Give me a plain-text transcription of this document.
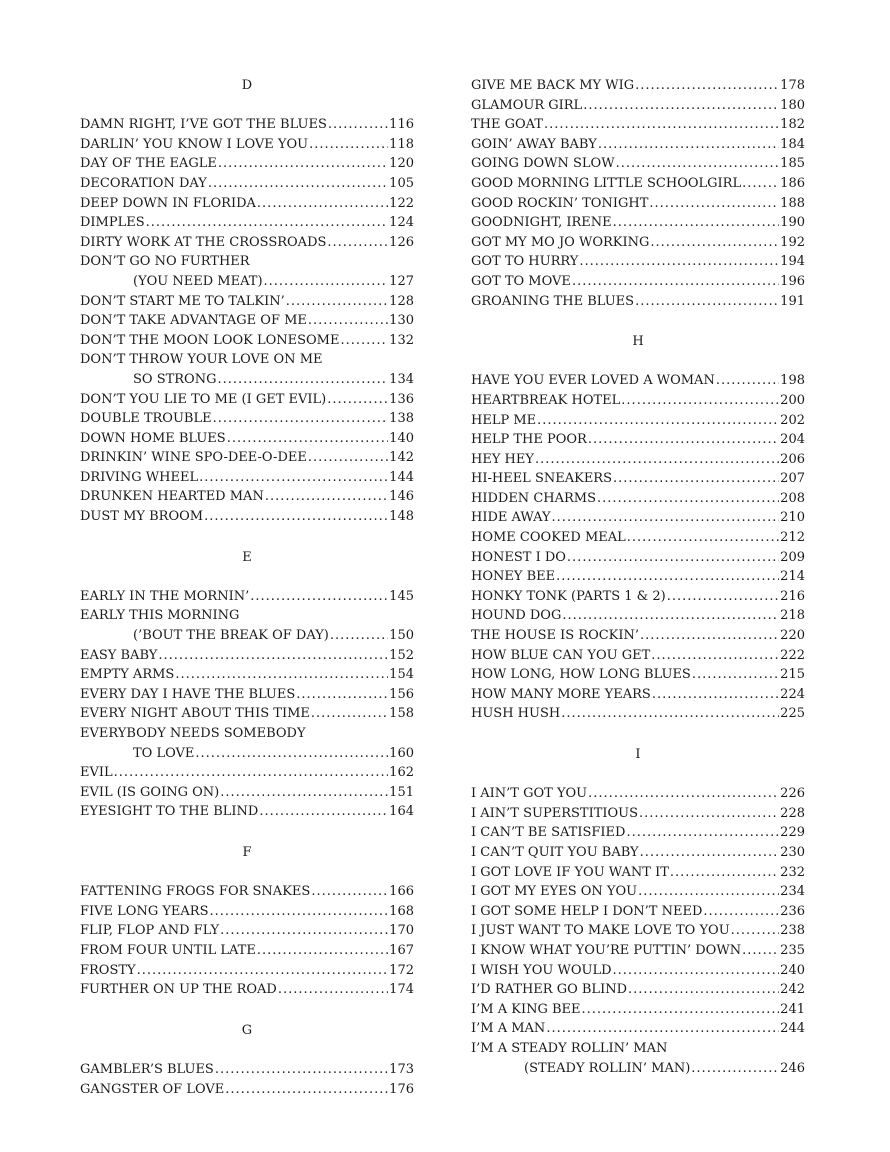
D
DAMN RIGHT, I’VE GOT THE BLUES .....	116
DARLIN’ YOU KNOW I LOVE YOU .....	118
DAY OF THE EAGLE .....	120
DECORATION DAY .....	105
DEEP DOWN IN FLORIDA .....	122
DIMPLES .....	124
DIRTY WORK AT THE CROSSROADS .....	126
DON’T GO NO FURTHER
(YOU NEED MEAT) .....	127
DON’T START ME TO TALKIN’ .....	128
DON’T TAKE ADVANTAGE OF ME .....	130
DON’T THE MOON LOOK LONESOME .....	132
DON’T THROW YOUR LOVE ON ME
SO STRONG .....	134
DON’T YOU LIE TO ME (I GET EVIL) .....	136
DOUBLE TROUBLE .....	138
DOWN HOME BLUES .....	140
DRINKIN’ WINE SPO-DEE-O-DEE .....	142
DRIVING WHEEL .....	144
DRUNKEN HEARTED MAN .....	146
DUST MY BROOM .....	148
E
EARLY IN THE MORNIN’ .....	145
EARLY THIS MORNING
(’BOUT THE BREAK OF DAY) .....	150
EASY BABY .....	152
EMPTY ARMS .....	154
EVERY DAY I HAVE THE BLUES .....	156
EVERY NIGHT ABOUT THIS TIME .....	158
EVERYBODY NEEDS SOMEBODY
TO LOVE .....	160
EVIL .....	162
EVIL (IS GOING ON) .....	151
EYESIGHT TO THE BLIND .....	164
F
FATTENING FROGS FOR SNAKES .....	166
FIVE LONG YEARS .....	168
FLIP, FLOP AND FLY .....	170
FROM FOUR UNTIL LATE .....	167
FROSTY .....	172
FURTHER ON UP THE ROAD .....	174
G
GAMBLER’S BLUES .....	173
GANGSTER OF LOVE .....	176
GIVE ME BACK MY WIG .....	178
GLAMOUR GIRL .....	180
THE GOAT .....	182
GOIN’ AWAY BABY .....	184
GOING DOWN SLOW .....	185
GOOD MORNING LITTLE SCHOOLGIRL .....	186
GOOD ROCKIN’ TONIGHT .....	188
GOODNIGHT, IRENE .....	190
GOT MY MO JO WORKING .....	192
GOT TO HURRY .....	194
GOT TO MOVE .....	196
GROANING THE BLUES .....	191
H
HAVE YOU EVER LOVED A WOMAN .....	198
HEARTBREAK HOTEL .....	200
HELP ME .....	202
HELP THE POOR .....	204
HEY HEY .....	206
HI-HEEL SNEAKERS .....	207
HIDDEN CHARMS .....	208
HIDE AWAY .....	210
HOME COOKED MEAL .....	212
HONEST I DO .....	209
HONEY BEE .....	214
HONKY TONK (PARTS 1 & 2) .....	216
HOUND DOG .....	218
THE HOUSE IS ROCKIN’ .....	220
HOW BLUE CAN YOU GET .....	222
HOW LONG, HOW LONG BLUES .....	215
HOW MANY MORE YEARS .....	224
HUSH HUSH .....	225
I
I AIN’T GOT YOU .....	226
I AIN’T SUPERSTITIOUS .....	228
I CAN’T BE SATISFIED .....	229
I CAN’T QUIT YOU BABY .....	230
I GOT LOVE IF YOU WANT IT .....	232
I GOT MY EYES ON YOU .....	234
I GOT SOME HELP I DON’T NEED .....	236
I JUST WANT TO MAKE LOVE TO YOU .....	238
I KNOW WHAT YOU’RE PUTTIN’ DOWN .....	235
I WISH YOU WOULD .....	240
I’D RATHER GO BLIND .....	242
I’M A KING BEE .....	241
I’M A MAN .....	244
I’M A STEADY ROLLIN’ MAN
(STEADY ROLLIN’ MAN) .....	246
